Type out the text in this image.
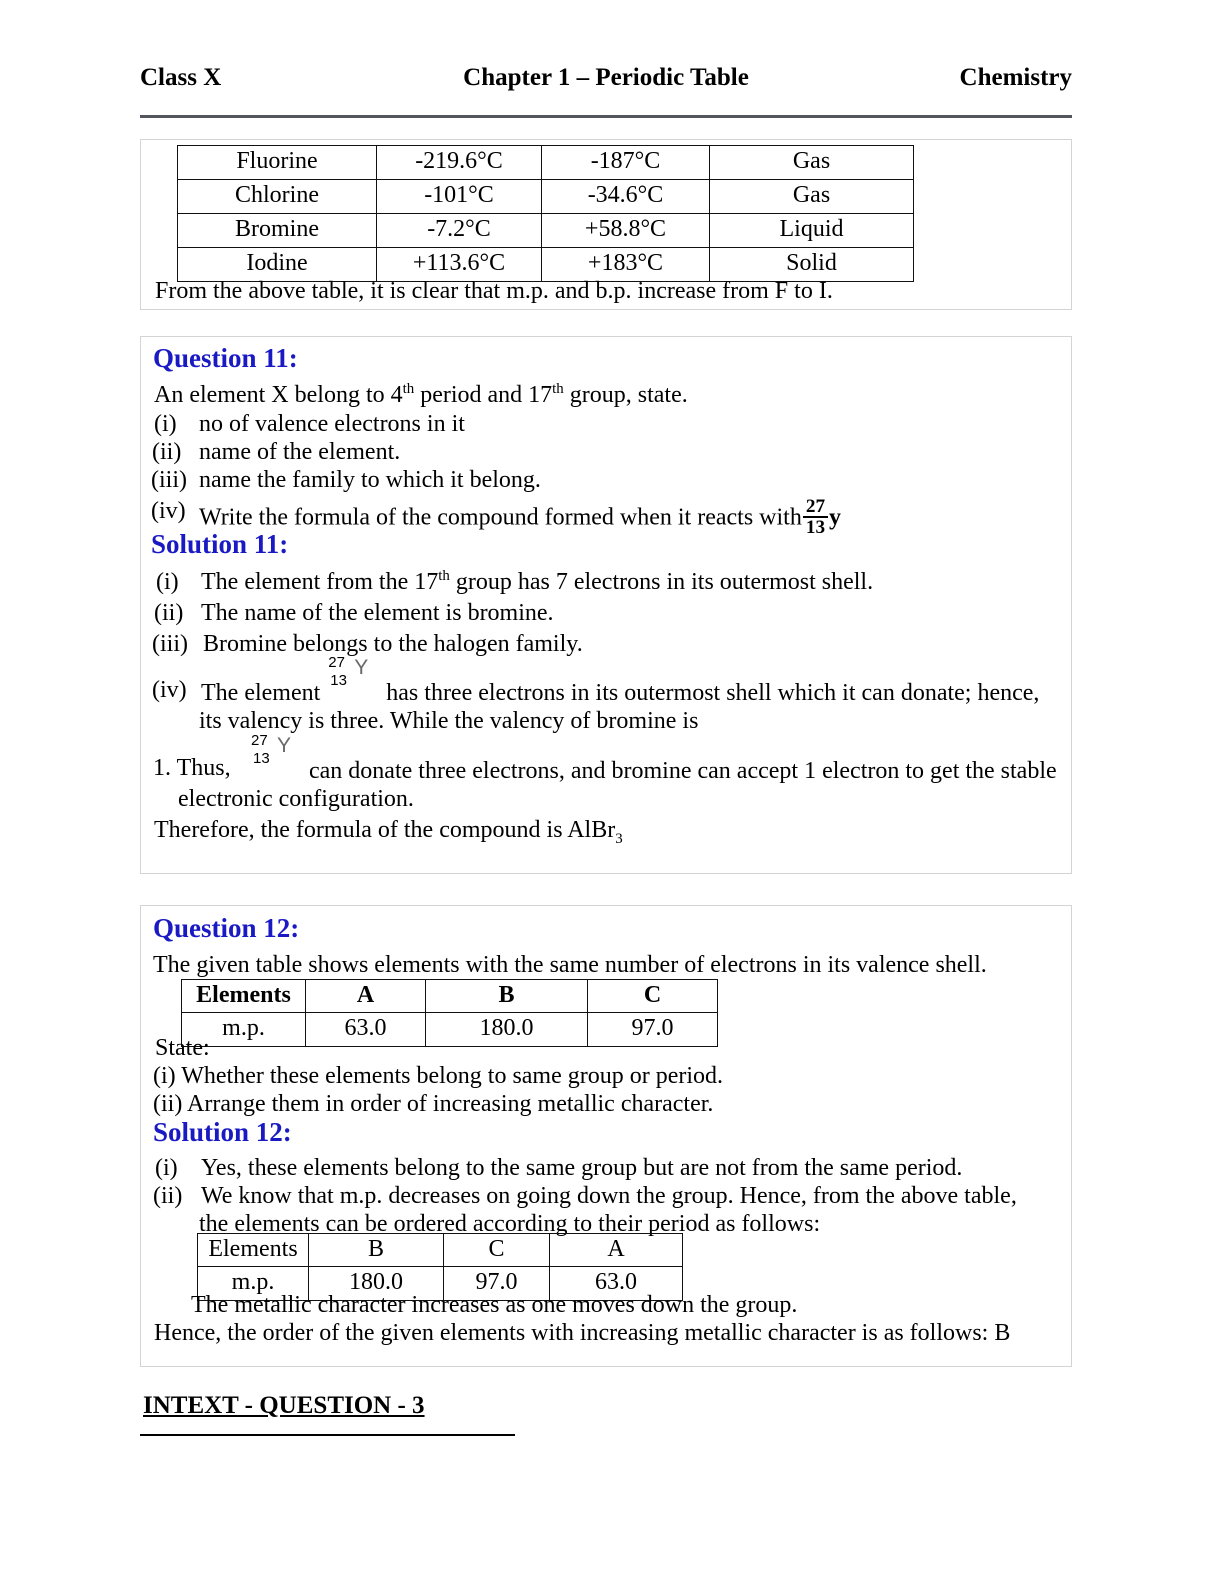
Class X	Chapter 1 – Periodic Table	Chemistry
Fluorine	-219.6°C	-187°C	Gas
Chlorine	-101°C	-34.6°C	Gas
Bromine	-7.2°C	+58.8°C	Liquid
Iodine	+113.6°C	+183°C	Solid
From the above table, it is clear that m.p. and b.p. increase from F to I.
Question 11:
An element X belong to 4th period and 17th group, state.
(i) no of valence electrons in it
(ii) name of the element.
(iii) name the family to which it belong.
(iv) Write the formula of the compound formed when it reacts with $\frac{27}{13}$ y
Solution 11:
(i) The element from the 17th group has 7 electrons in its outermost shell.
(ii) The name of the element is bromine.
(iii) Bromine belongs to the halogen family.
(iv) The element
27
13
Y
has three electrons in its outermost shell which it can donate; hence,
its valency is three. While the valency of bromine is
1. Thus,
27
13
Y
can donate three electrons, and bromine can accept 1 electron to get the stable
electronic configuration.
Therefore, the formula of the compound is AlBr$_3$
Question 12:
The given table shows elements with the same number of electrons in its valence shell.
Elements	A	B	C
m.p.	63.0	180.0	97.0
State:
(i) Whether these elements belong to same group or period.
(ii) Arrange them in order of increasing metallic character.
Solution 12:
(i) Yes, these elements belong to the same group but are not from the same period.
(ii) We know that m.p. decreases on going down the group. Hence, from the above table,
the elements can be ordered according to their period as follows:
Elements	B	C	A
m.p.	180.0	97.0	63.0
The metallic character increases as one moves down the group.
Hence, the order of the given elements with increasing metallic character is as follows: B
INTEXT - QUESTION - 3
